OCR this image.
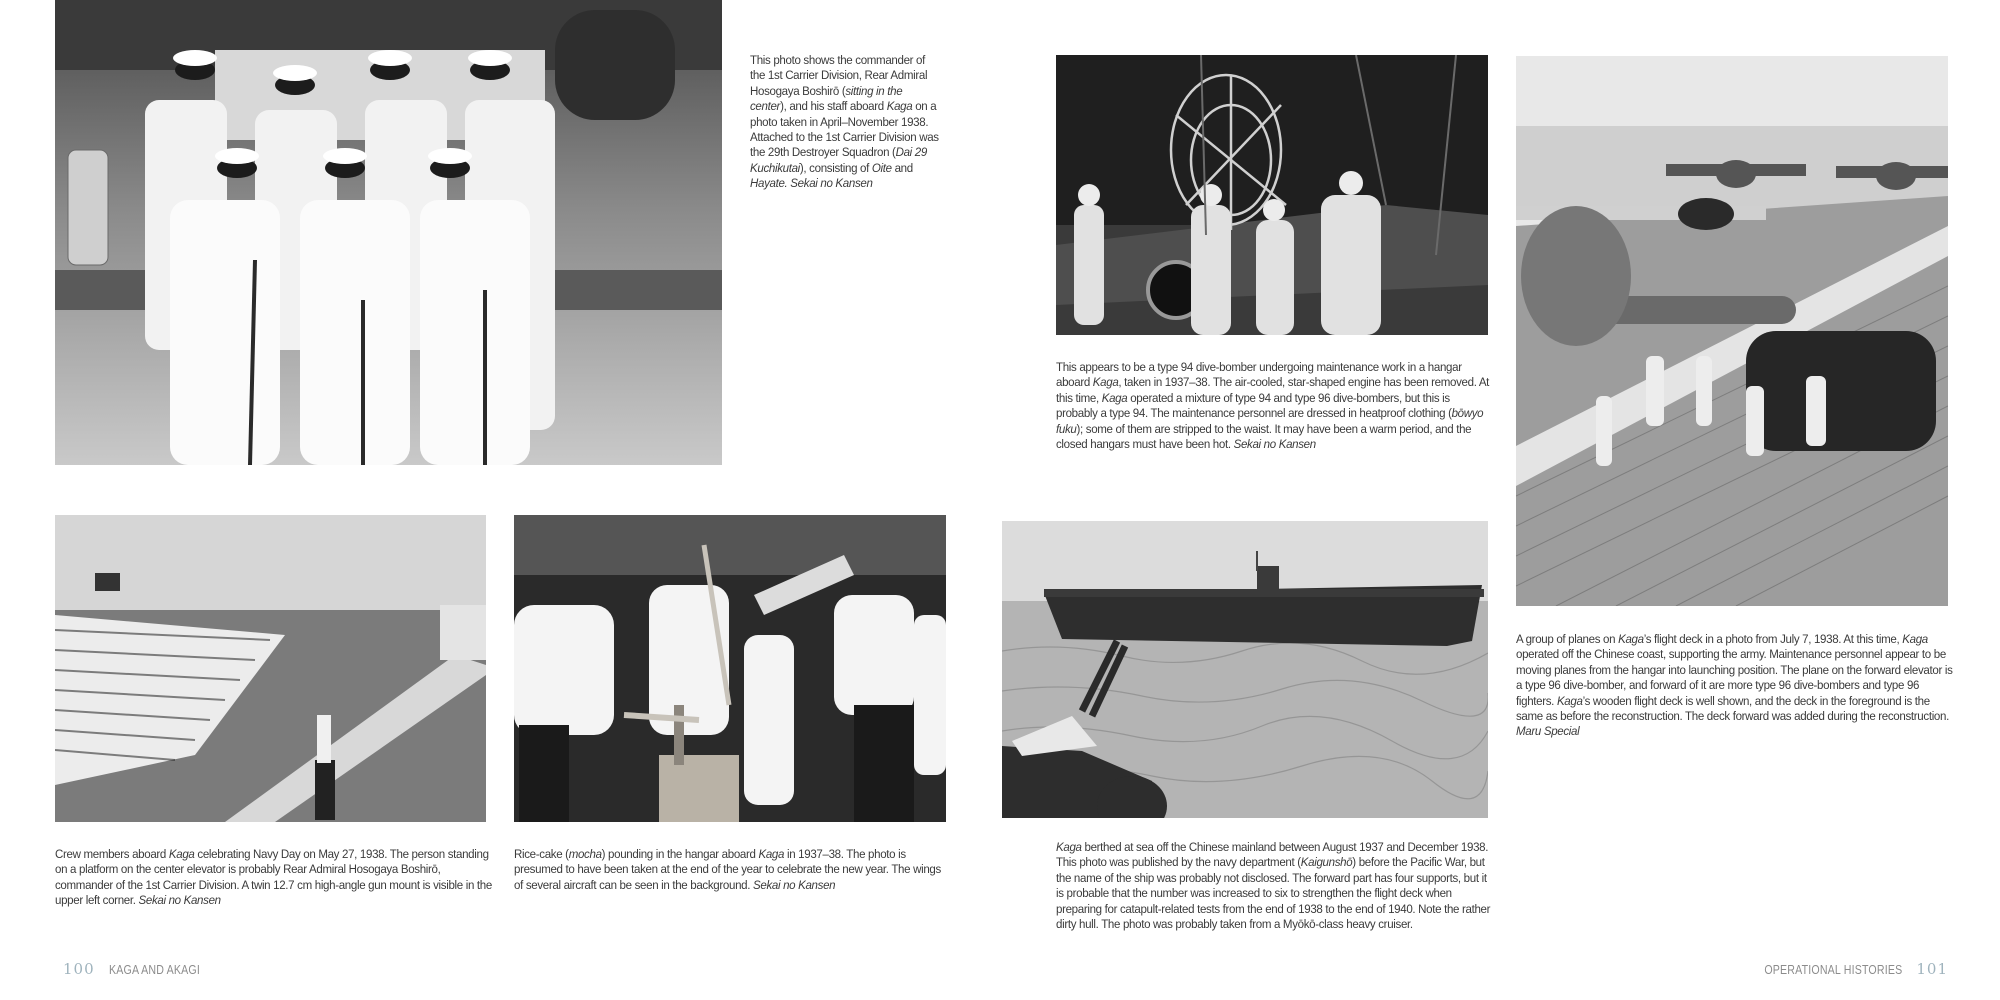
This photo shows the commander of the 1st Carrier Division, Rear Admiral Hosogaya Boshirō (sitting in the center), and his staff aboard Kaga on a photo taken in April–November 1938. Attached to the 1st Carrier Division was the 29th Destroyer Squadron (Dai 29 Kuchikutai), consisting of Oite and Hayate. Sekai no Kansen
Crew members aboard Kaga celebrating Navy Day on May 27, 1938. The person standing on a platform on the center elevator is probably Rear Admiral Hosogaya Boshirō, commander of the 1st Carrier Division. A twin 12.7 cm high-angle gun mount is visible in the upper left corner. Sekai no Kansen
Rice-cake (mocha) pounding in the hangar aboard Kaga in 1937–38. The photo is presumed to have been taken at the end of the year to celebrate the new year. The wings of several aircraft can be seen in the background. Sekai no Kansen
100 KAGA AND AKAGI
This appears to be a type 94 dive-bomber undergoing maintenance work in a hangar aboard Kaga, taken in 1937–38. The air-cooled, star-shaped engine has been removed. At this time, Kaga operated a mixture of type 94 and type 96 dive-bombers, but this is probably a type 94. The maintenance personnel are dressed in heatproof clothing (bōwyo fuku); some of them are stripped to the waist. It may have been a warm period, and the closed hangars must have been hot. Sekai no Kansen
A group of planes on Kaga’s flight deck in a photo from July 7, 1938. At this time, Kaga operated off the Chinese coast, supporting the army. Maintenance personnel appear to be moving planes from the hangar into launching position. The plane on the forward elevator is a type 96 dive-bomber, and forward of it are more type 96 dive-bombers and type 96 fighters. Kaga’s wooden flight deck is well shown, and the deck in the foreground is the same as before the reconstruction. The deck forward was added during the reconstruction. Maru Special
Kaga berthed at sea off the Chinese mainland between August 1937 and December 1938. This photo was published by the navy department (Kaigunshō) before the Pacific War, but the name of the ship was probably not disclosed. The forward part has four supports, but it is probable that the number was increased to six to strengthen the flight deck when preparing for catapult-related tests from the end of 1938 to the end of 1940. Note the rather dirty hull. The photo was probably taken from a Myōkō-class heavy cruiser.
OPERATIONAL HISTORIES 101
